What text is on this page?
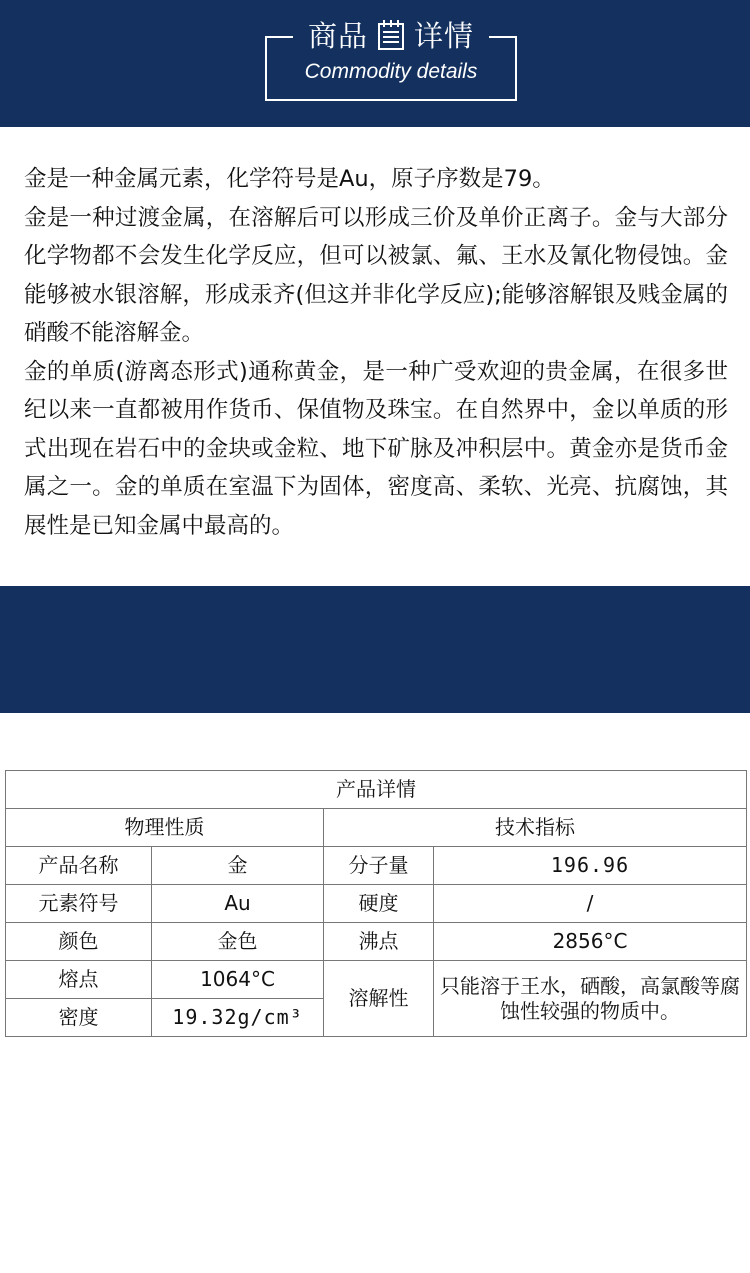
商品 详情
Commodity details

金是一种金属元素，化学符号是Au，原子序数是79。

金是一种过渡金属，在溶解后可以形成三价及单价正离子。金与大部分化学物都不会发生化学反应，但可以被氯、氟、王水及氰化物侵蚀。金能够被水银溶解，形成汞齐(但这并非化学反应);能够溶解银及贱金属的硝酸不能溶解金。

金的单质(游离态形式)通称黄金，是一种广受欢迎的贵金属，在很多世纪以来一直都被用作货币、保值物及珠宝。在自然界中，金以单质的形式出现在岩石中的金块或金粒、地下矿脉及冲积层中。黄金亦是货币金属之一。金的单质在室温下为固体，密度高、柔软、光亮、抗腐蚀，其展性是已知金属中最高的。

化学 成分
Chemical composition
产品详情			
物理性质		技术指标	
产品名称	金	分子量	196.96
元素符号	Au	硬度	/
颜色	金色	沸点	2856°C
熔点	1064°C	溶解性	只能溶于王水，硒酸，高氯酸等腐蚀性较强的物质中。
密度	19.32g/cm³		
